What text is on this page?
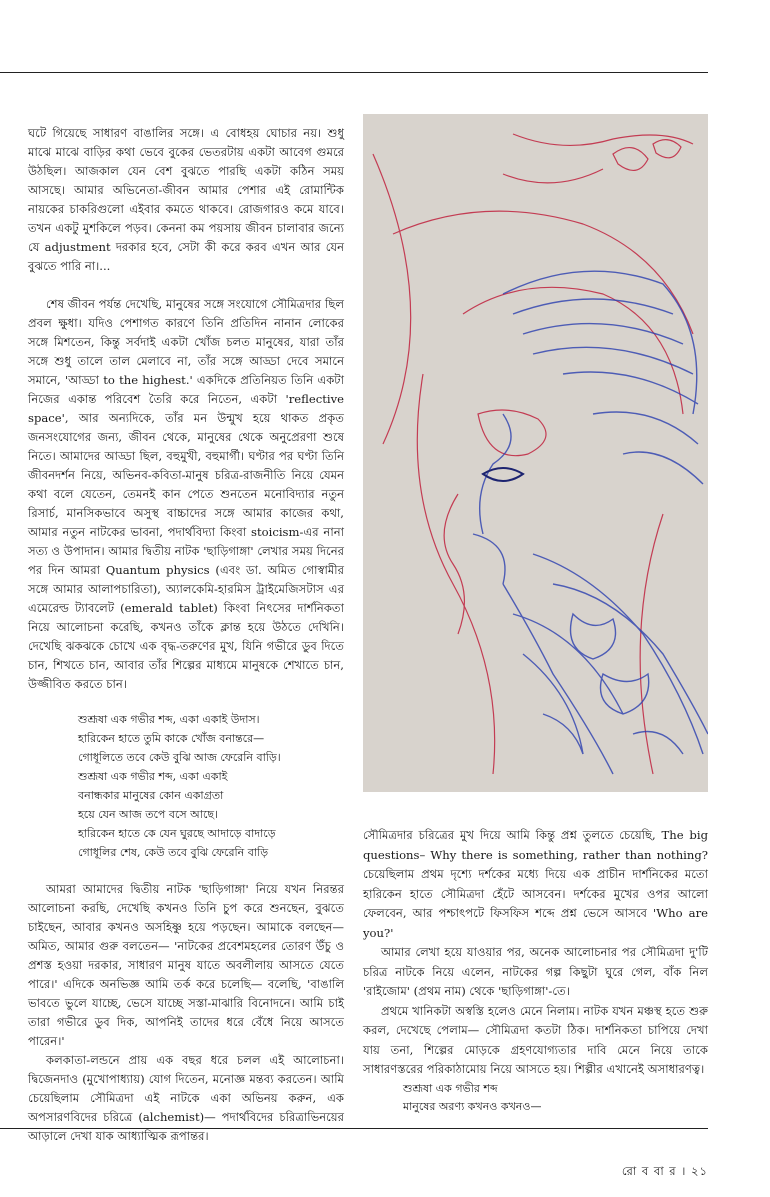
ঘটে গিয়েছে সাধারণ বাঙালির সঙ্গে। এ বোধহয় ঘোচার নয়। শুধু মাঝে মাঝে বাড়ির কথা ভেবে বুকের ভেতরটায় একটা আবেগ গুমরে উঠছিল। আজকাল যেন বেশ বুঝতে পারছি একটা কঠিন সময় আসছে। আমার অভিনেতা-জীবন আমার পেশার এই রোমান্টিক নায়কের চাকরিগুলো এইবার কমতে থাকবে। রোজগারও কমে যাবে। তখন একটু মুশকিলে পড়ব। কেননা কম পয়সায় জীবন চালাবার জন্যে যে adjustment দরকার হবে, সেটা কী করে করব এখন আর যেন বুঝতে পারি না।...

শেষ জীবন পর্যন্ত দেখেছি, মানুষের সঙ্গে সংযোগে সৌমিত্রদার ছিল প্রবল ক্ষুধা। যদিও পেশাগত কারণে তিনি প্রতিদিন নানান লোকের সঙ্গে মিশতেন, কিন্তু সর্বদাই একটা খোঁজ চলত মানুষের, যারা তাঁর সঙ্গে শুধু তালে তাল মেলাবে না, তাঁর সঙ্গে আড্ডা দেবে সমানে সমানে, 'আড্ডা to the highest.' একদিকে প্রতিনিয়ত তিনি একটা নিজের একান্ত পরিবেশ তৈরি করে নিতেন, একটা 'reflective space', আর অন্যদিকে, তাঁর মন উন্মুখ হয়ে থাকত প্রকৃত জনসংযোগের জন্য, জীবন থেকে, মানুষের থেকে অনুপ্রেরণা শুষে নিতে। আমাদের আড্ডা ছিল, বহুমুখী, বহুমার্গী। ঘণ্টার পর ঘণ্টা তিনি জীবনদর্শন নিয়ে, অভিনব-কবিতা-মানুষ চরিত্র-রাজনীতি নিয়ে যেমন কথা বলে যেতেন, তেমনই কান পেতে শুনতেন মনোবিদ্যার নতুন রিসার্চ, মানসিকভাবে অসুস্থ বাচ্চাদের সঙ্গে আমার কাজের কথা, আমার নতুন নাটকের ভাবনা, পদার্থবিদ্যা কিংবা stoicism-এর নানা সত্য ও উপাদান। আমার দ্বিতীয় নাটক 'ছাড়িগাঙ্গা' লেখার সময় দিনের পর দিন আমরা Quantum physics (এবং ডা. অমিত গোস্বামীর সঙ্গে আমার আলাপচারিতা), অ্যালকেমি-হারমিস ট্রাইমেজিসটাস এর এমেরেল্ড ট্যাবলেট (emerald tablet) কিংবা নিৎসের দার্শনিকতা নিয়ে আলোচনা করেছি, কখনও তাঁকে ক্লান্ত হয়ে উঠতে দেখিনি। দেখেছি ঝকঝকে চোখে এক বৃদ্ধ-তরুণের মুখ, যিনি গভীরে ডুব দিতে চান, শিখতে চান, আবার তাঁর শিল্পের মাধ্যমে মানুষকে শেখাতে চান, উজ্জীবিত করতে চান।

শুশ্রূষা এক গভীর শব্দ, একা একাই উদাস।
হারিকেন হাতে তুমি কাকে খোঁজ বনান্তরে—
গোধূলিতে তবে কেউ বুঝি আজ ফেরেনি বাড়ি।
শুশ্রূষা এক গভীর শব্দ, একা একাই
বনান্ধকার মানুষের কোন একাগ্রতা
হয়ে যেন আজ তপে বসে আছে।
হারিকেন হাতে কে যেন ঘুরছে আদাড়ে বাদাড়ে
গোধূলির শেষ, কেউ তবে বুঝি ফেরেনি বাড়ি

আমরা আমাদের দ্বিতীয় নাটক 'ছাড়িগাঙ্গা' নিয়ে যখন নিরন্তর আলোচনা করছি, দেখেছি কখনও তিনি চুপ করে শুনছেন, বুঝতে চাইছেন, আবার কখনও অসহিষ্ণু হয়ে পড়ছেন। আমাকে বলছেন— অমিত, আমার গুরু বলতেন— 'নাটকের প্রবেশমহলের তোরণ উঁচু ও প্রশস্ত হওয়া দরকার, সাধারণ মানুষ যাতে অবলীলায় আসতে যেতে পারে।' এদিকে অনভিজ্ঞ আমি তর্ক করে চলেছি— বলেছি, 'বাঙালি ভাবতে ভুলে যাচ্ছে, ভেসে যাচ্ছে সস্তা-মাঝারি বিনোদনে। আমি চাই তারা গভীরে ডুব দিক, আপনিই তাদের ধরে বেঁধে নিয়ে আসতে পারেন।'

কলকাতা-লন্ডনে প্রায় এক বছর ধরে চলল এই আলোচনা। দ্বিজেনদাও (মুখোপাধ্যায়) যোগ দিতেন, মনোজ্ঞ মন্তব্য করতেন। আমি চেয়েছিলাম সৌমিত্রদা এই নাটকে একা অভিনয় করুন, এক অপসারণবিদের চরিত্রে (alchemist)— পদার্থবিদের চরিত্রাভিনয়ের আড়ালে দেখা যাক আধ্যাত্মিক রূপান্তর।

সৌমিত্রদার চরিত্রের মুখ দিয়ে আমি কিন্তু প্রশ্ন তুলতে চেয়েছি, The big questions– Why there is something, rather than nothing? চেয়েছিলাম প্রথম দৃশ্যে দর্শকের মধ্যে দিয়ে এক প্রাচীন দার্শনিকের মতো হারিকেন হাতে সৌমিত্রদা হেঁটে আসবেন। দর্শকের মুখের ওপর আলো ফেলবেন, আর পশ্চাৎপটে ফিসফিস শব্দে প্রশ্ন ভেসে আসবে 'Who are you?'

আমার লেখা হয়ে যাওয়ার পর, অনেক আলোচনার পর সৌমিত্রদা দু'টি চরিত্র নাটকে নিয়ে এলেন, নাটকের গল্প কিছুটা ঘুরে গেল, বাঁক নিল 'রাইজোম' (প্রথম নাম) থেকে 'ছাড়িগাঙ্গা'-তে।

প্রথমে খানিকটা অস্বস্তি হলেও মেনে নিলাম। নাটক যখন মঞ্চস্থ হতে শুরু করল, দেখেছে পেলাম— সৌমিত্রদা কতটা ঠিক। দার্শনিকতা চাপিয়ে দেখা যায় তনা, শিল্পের মোড়কে গ্রহণযোগ্যতার দাবি মেনে নিয়ে তাকে সাধারণস্তরের পরিকাঠামোয় নিয়ে আসতে হয়। শিল্পীর এখানেই অসাধারণত্ব।

শুশ্রূষা এক গভীর শব্দ
মানুষের অরণ্য কখনও কখনও—
রো ব বা র । ২১
